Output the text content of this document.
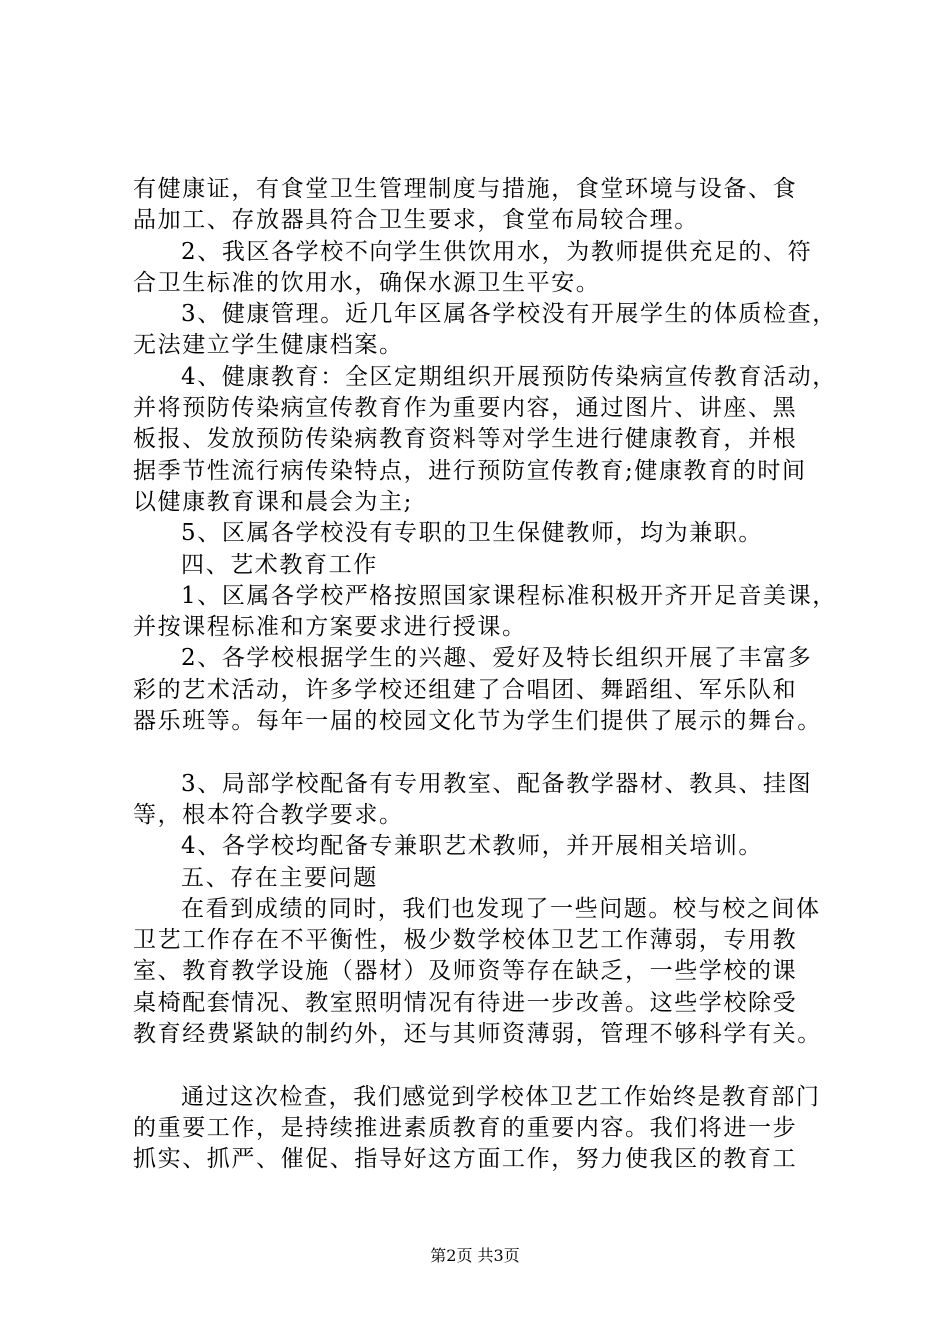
有健康证，有食堂卫生管理制度与措施，食堂环境与设备、食
品加工、存放器具符合卫生要求，食堂布局较合理。
2、我区各学校不向学生供饮用水，为教师提供充足的、符
合卫生标准的饮用水，确保水源卫生平安。
3、健康管理。近几年区属各学校没有开展学生的体质检查，
无法建立学生健康档案。
4、健康教育：全区定期组织开展预防传染病宣传教育活动，
并将预防传染病宣传教育作为重要内容，通过图片、讲座、黑
板报、发放预防传染病教育资料等对学生进行健康教育，并根
据季节性流行病传染特点，进行预防宣传教育;健康教育的时间
以健康教育课和晨会为主;
5、区属各学校没有专职的卫生保健教师，均为兼职。
四、艺术教育工作
1、区属各学校严格按照国家课程标准积极开齐开足音美课，
并按课程标准和方案要求进行授课。
2、各学校根据学生的兴趣、爱好及特长组织开展了丰富多
彩的艺术活动，许多学校还组建了合唱团、舞蹈组、军乐队和
器乐班等。每年一届的校园文化节为学生们提供了展示的舞台。
3、局部学校配备有专用教室、配备教学器材、教具、挂图
等，根本符合教学要求。
4、各学校均配备专兼职艺术教师，并开展相关培训。
五、存在主要问题
在看到成绩的同时，我们也发现了一些问题。校与校之间体
卫艺工作存在不平衡性，极少数学校体卫艺工作薄弱，专用教
室、教育教学设施（器材）及师资等存在缺乏，一些学校的课
桌椅配套情况、教室照明情况有待进一步改善。这些学校除受
教育经费紧缺的制约外，还与其师资薄弱，管理不够科学有关。
通过这次检查，我们感觉到学校体卫艺工作始终是教育部门
的重要工作，是持续推进素质教育的重要内容。我们将进一步
抓实、抓严、催促、指导好这方面工作，努力使我区的教育工
第2页 共3页
